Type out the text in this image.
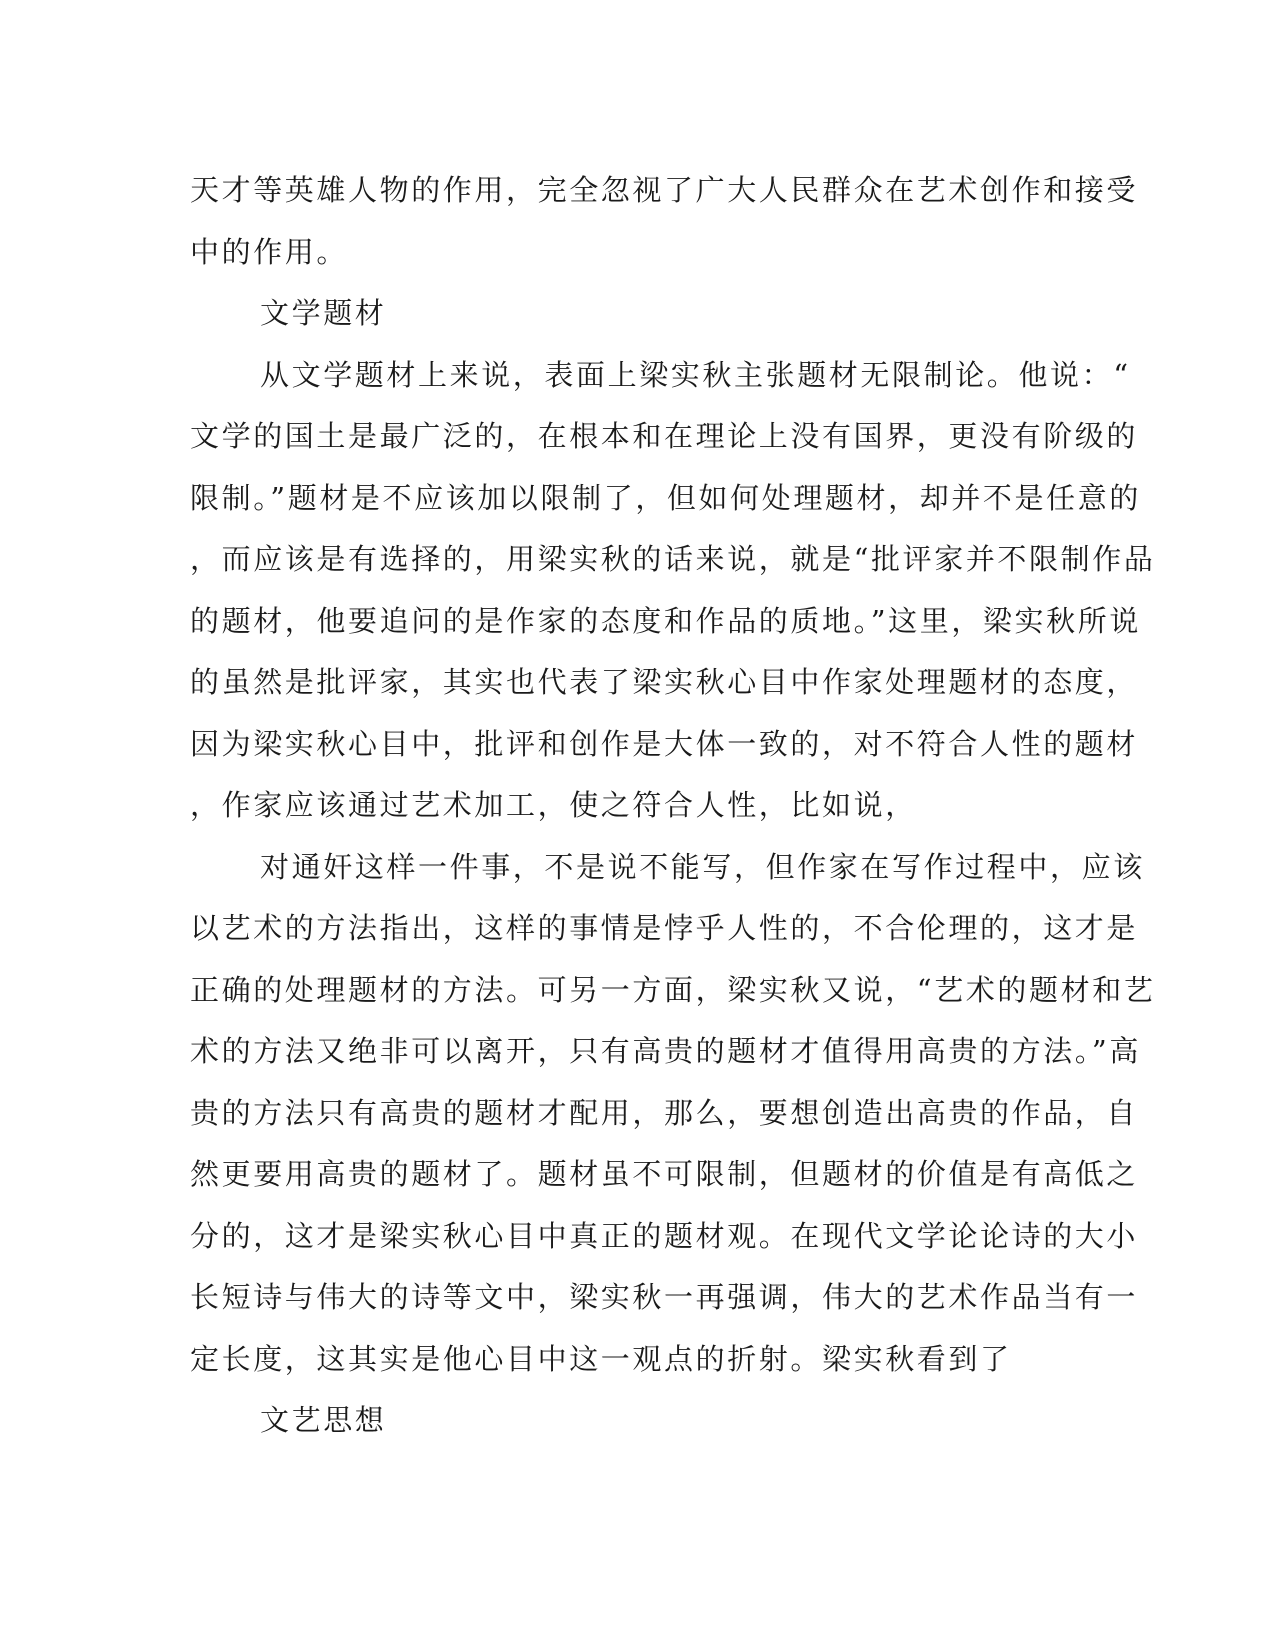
天才等英雄人物的作用，完全忽视了广大人民群众在艺术创作和接受
中的作用。

文学题材

从文学题材上来说，表面上梁实秋主张题材无限制论。他说：“
文学的国土是最广泛的，在根本和在理论上没有国界，更没有阶级的
限制。”题材是不应该加以限制了，但如何处理题材，却并不是任意的
，而应该是有选择的，用梁实秋的话来说，就是“批评家并不限制作品
的题材，他要追问的是作家的态度和作品的质地。”这里，梁实秋所说
的虽然是批评家，其实也代表了梁实秋心目中作家处理题材的态度，
因为梁实秋心目中，批评和创作是大体一致的，对不符合人性的题材
，作家应该通过艺术加工，使之符合人性，比如说，

对通奸这样一件事，不是说不能写，但作家在写作过程中，应该
以艺术的方法指出，这样的事情是悖乎人性的，不合伦理的，这才是
正确的处理题材的方法。可另一方面，梁实秋又说，“艺术的题材和艺
术的方法又绝非可以离开，只有高贵的题材才值得用高贵的方法。”高
贵的方法只有高贵的题材才配用，那么，要想创造出高贵的作品，自
然更要用高贵的题材了。题材虽不可限制，但题材的价值是有高低之
分的，这才是梁实秋心目中真正的题材观。在现代文学论论诗的大小
长短诗与伟大的诗等文中，梁实秋一再强调，伟大的艺术作品当有一
定长度，这其实是他心目中这一观点的折射。梁实秋看到了

文艺思想
